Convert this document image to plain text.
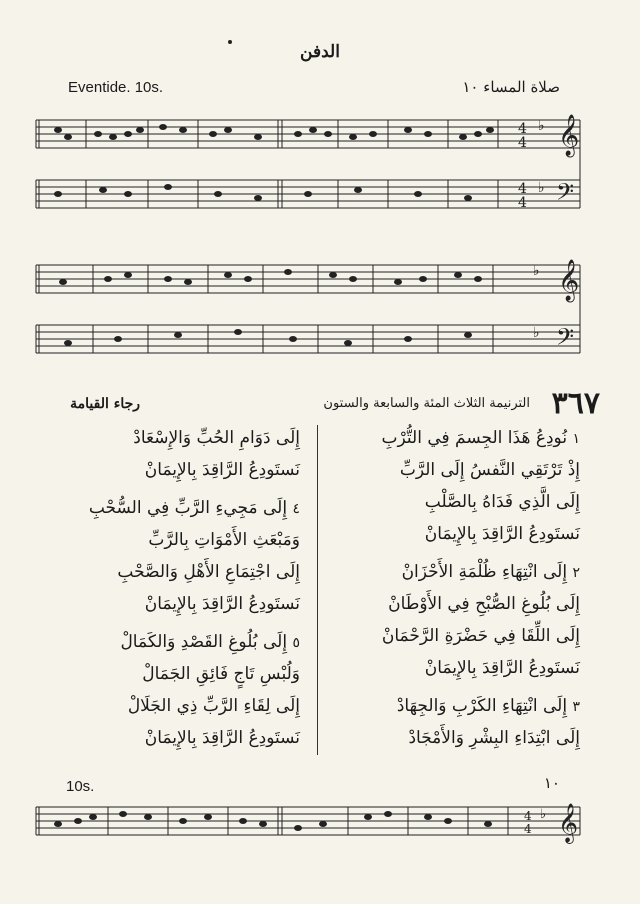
الدفن
Eventide. 10s.	صلاة المساء ١٠
𝄞
𝄢
4
4
4
4
♭
♭
𝄞
𝄢
♭
♭
٣٦٧
الترنيمة الثلاث المئة والسابعة والستون
رجاء القيامة
١ نُودِعُ هَذَا الجِسمَ فِي التُّرْبِ
إِذْ تَرْتَقِي النَّفسُ إِلَى الرَّبِّ
إِلَى الَّذِي فَدَاهُ بِالصَّلْبِ
نَستَودِعُ الرَّاقِدَ بِالإِيمَانْ
٢ إِلَى انْتِهَاءِ ظُلْمَةِ الأَحْزَانْ
إِلَى بُلُوغِ الصُّبْحِ فِي الأَوْطَانْ
إِلَى اللِّقَا فِي حَضْرَةِ الرَّحْمَانْ
نَستَودِعُ الرَّاقِدَ بِالإِيمَانْ
٣ إِلَى انْتِهَاءِ الكَرْبِ وَالجِهَادْ
إِلَى ابْتِدَاءِ البِشْرِ وَالأَمْجَادْ
إِلَى دَوَامِ الحُبِّ وَالإِسْعَادْ
نَستَودِعُ الرَّاقِدَ بِالإِيمَانْ
٤ إِلَى مَجِيءِ الرَّبِّ فِي السُّحْبِ
وَمَبْعَثِ الأَمْوَاتِ بِالرَّبِّ
إِلَى اجْتِمَاعِ الأَهْلِ وَالصَّحْبِ
نَستَودِعُ الرَّاقِدَ بِالإِيمَانْ
٥ إِلَى بُلُوغِ القَصْدِ وَالكَمَالْ
وَلُبْسِ تَاجٍ فَائِقِ الجَمَالْ
إِلَى لِقَاءِ الرَّبِّ ذِي الجَلَالْ
نَستَودِعُ الرَّاقِدَ بِالإِيمَانْ
10s.	١٠
𝄞
♭
4
4
